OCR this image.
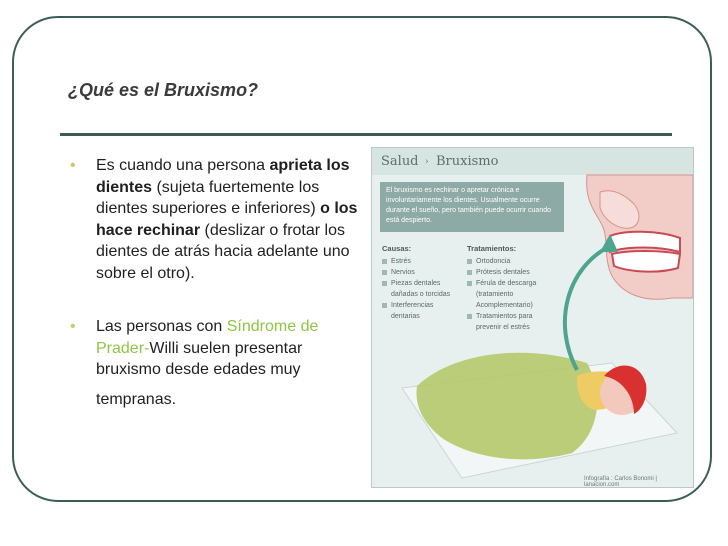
¿Qué es el Bruxismo?

• Es cuando una persona aprieta los dientes (sujeta fuertemente los dientes superiores e inferiores) o los hace rechinar (deslizar o frotar los dientes de atrás hacia adelante uno sobre el otro).

• Las personas con Síndrome de Prader-Willi suelen presentar bruxismo desde edades muy
tempranas.

Salud › Bruxismo
El bruxismo es rechinar o apretar crónica e involuntariamente los dientes. Usualmente ocurre durante el sueño, pero también puede ocurrir cuando está despierto.
Causas:
Estrés
Nervios
Piezas dentales dañadas o torcidas
Interferencias dentarias
Tratamientos:
Ortodoncia
Prótesis dentales
Férula de descarga (tratamiento Acomplementario)
Tratamientos para prevenir el estrés
Infografía : Carlos Bonomi | lanacion.com
